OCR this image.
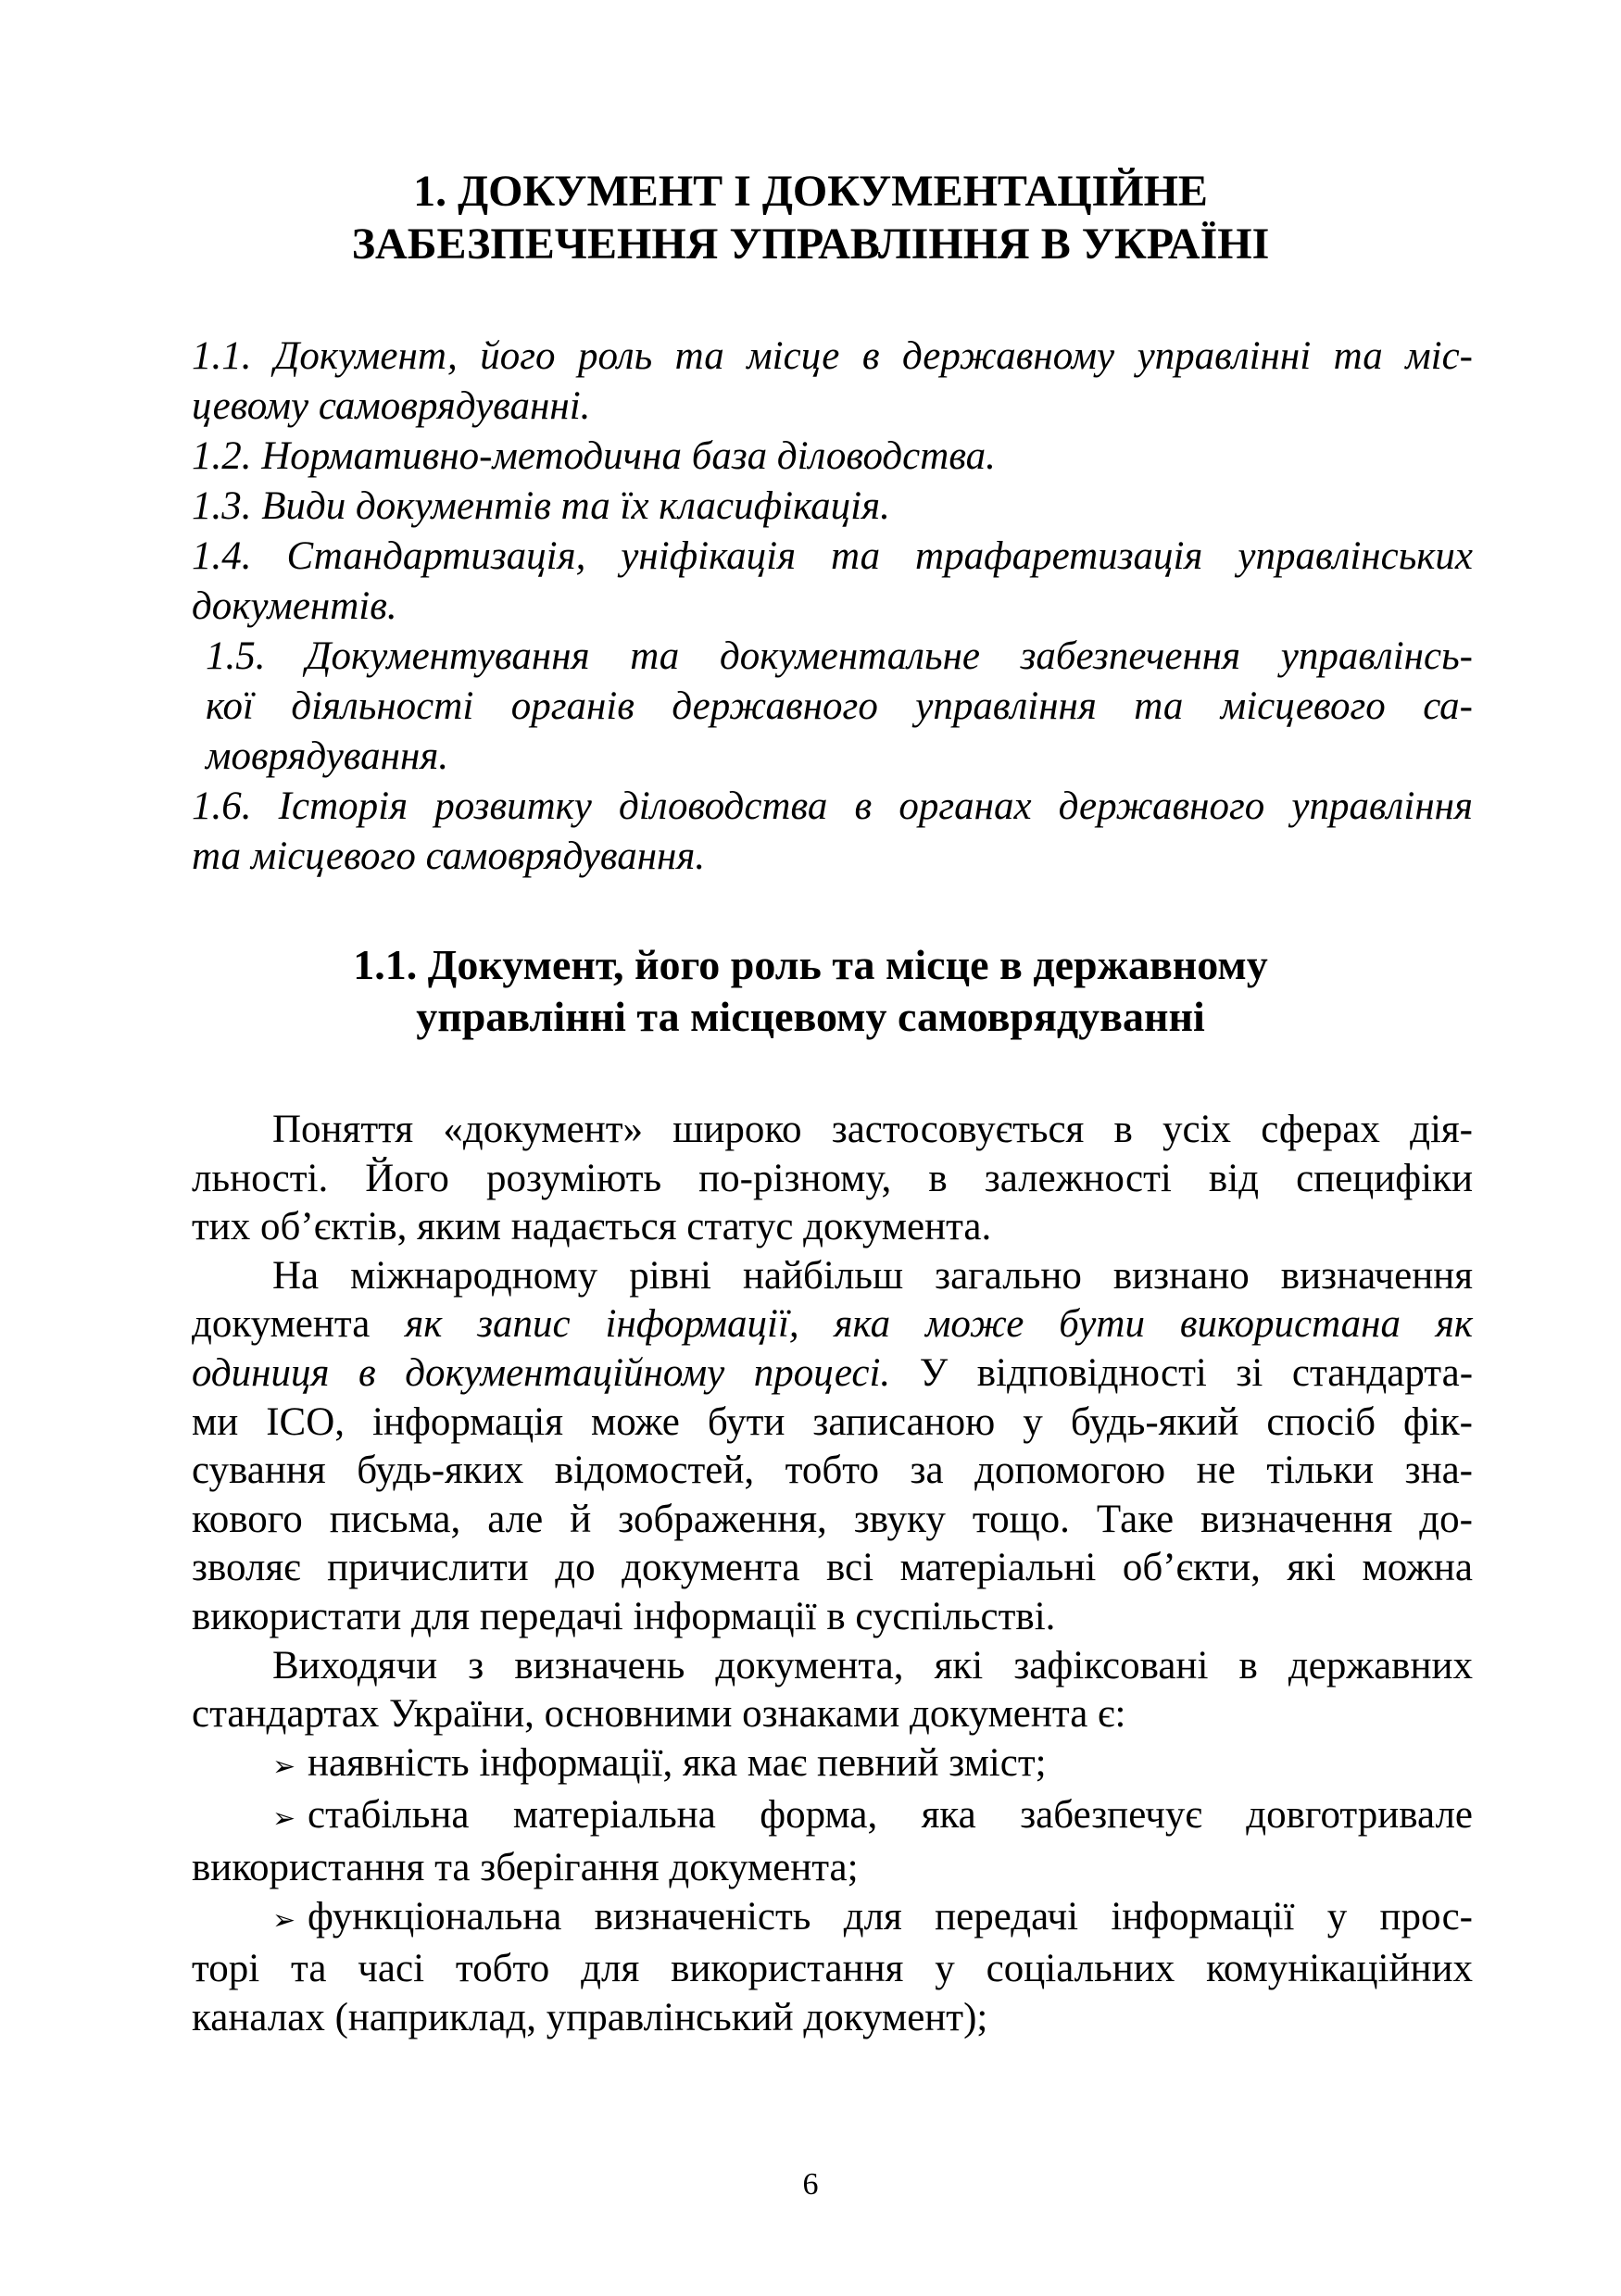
1. ДОКУМЕНТ І ДОКУМЕНТАЦІЙНЕ
ЗАБЕЗПЕЧЕННЯ УПРАВЛІННЯ В УКРАЇНІ
1.1. Документ, його роль та місце в державному управлінні та міс-
цевому самоврядуванні.
1.2. Нормативно-методична база діловодства.
1.3. Види документів та їх класифікація.
1.4. Стандартизація, уніфікація та трафаретизація управлінських
документів.
1.5. Документування та документальне забезпечення управлінсь-
кої діяльності органів державного управління та місцевого са-
моврядування.
1.6. Історія розвитку діловодства в органах державного управління
та місцевого самоврядування.
1.1. Документ, його роль та місце в державному
управлінні та місцевому самоврядуванні
Поняття «документ» широко застосовується в усіх сферах дія-
льності. Його розуміють по-різному, в залежності від специфіки
тих об’єктів, яким надається статус документа.
На міжнародному рівні найбільш загально визнано визначення
документа як запис інформації, яка може бути використана як
одиниця в документаційному процесі. У відповідності зі стандарта-
ми ІСО, інформація може бути записаною у будь-який спосіб фік-
сування будь-яких відомостей, тобто за допомогою не тільки зна-
кового письма, але й зображення, звуку тощо. Таке визначення до-
зволяє причислити до документа всі матеріальні об’єкти, які можна
використати для передачі інформації в суспільстві.
Виходячи з визначень документа, які зафіксовані в державних
стандартах України, основними ознаками документа є:
➢ наявність інформації, яка має певний зміст;
➢ стабільна матеріальна форма, яка забезпечує довготривале
використання та зберігання документа;
➢ функціональна визначеність для передачі інформації у прос-
торі та часі тобто для використання у соціальних комунікаційних
каналах (наприклад, управлінський документ);
6
